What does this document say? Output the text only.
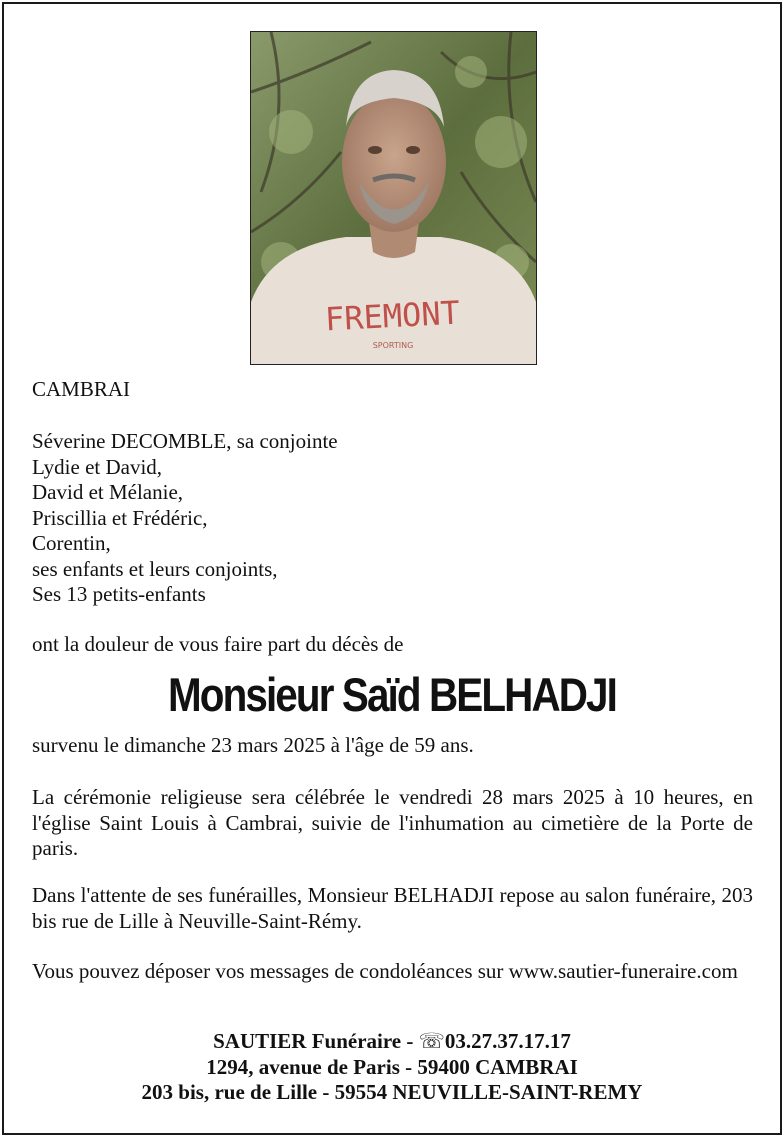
FREMONT
SPORTING
CAMBRAI
Séverine DECOMBLE, sa conjointe
Lydie et David,
David et Mélanie,
Priscillia et Frédéric,
Corentin,
ses enfants et leurs conjoints,
Ses 13 petits-enfants
ont la douleur de vous faire part du décès de
Monsieur Saïd BELHADJI
survenu le dimanche 23 mars 2025 à l'âge de 59 ans.
La cérémonie religieuse sera célébrée le vendredi 28 mars 2025 à 10 heures, en l'église Saint Louis à Cambrai, suivie de l'inhumation au cimetière de la Porte de paris.
Dans l'attente de ses funérailles, Monsieur BELHADJI repose au salon funéraire, 203 bis rue de Lille à Neuville-Saint-Rémy.
Vous pouvez déposer vos messages de condoléances sur www.sautier-funeraire.com
SAUTIER Funéraire - ☏03.27.37.17.17
1294, avenue de Paris - 59400 CAMBRAI
203 bis, rue de Lille - 59554 NEUVILLE-SAINT-REMY
